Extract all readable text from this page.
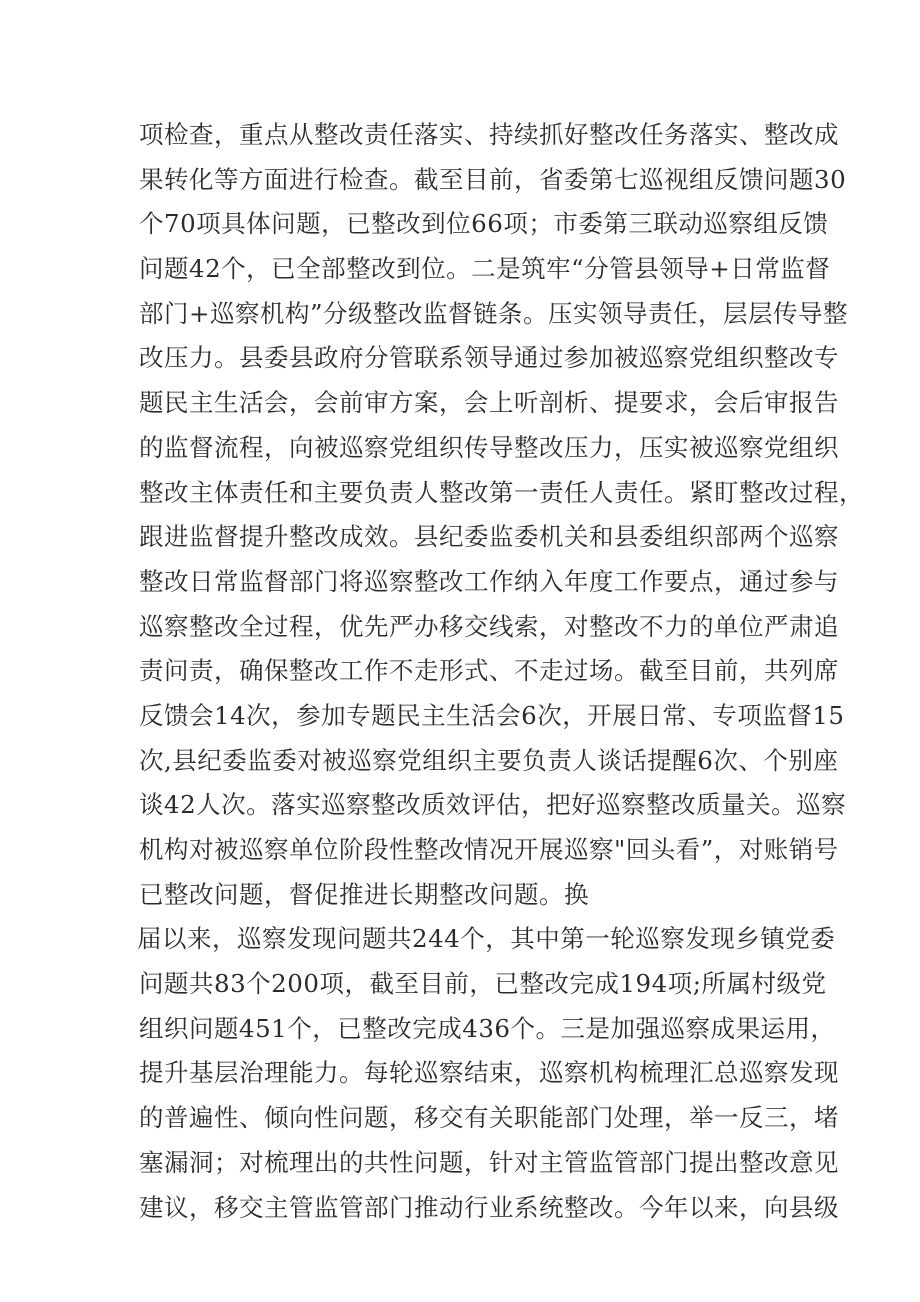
项检查，重点从整改责任落实、持续抓好整改任务落实、整改成
果转化等方面进行检查。截至目前，省委第七巡视组反馈问题30
个70项具体问题，已整改到位66项；市委第三联动巡察组反馈
问题42个，已全部整改到位。二是筑牢“分管县领导+日常监督
部门+巡察机构”分级整改监督链条。压实领导责任，层层传导整
改压力。县委县政府分管联系领导通过参加被巡察党组织整改专
题民主生活会，会前审方案，会上听剖析、提要求，会后审报告
的监督流程，向被巡察党组织传导整改压力，压实被巡察党组织
整改主体责任和主要负责人整改第一责任人责任。紧盯整改过程，
跟进监督提升整改成效。县纪委监委机关和县委组织部两个巡察
整改日常监督部门将巡察整改工作纳入年度工作要点，通过参与
巡察整改全过程，优先严办移交线索，对整改不力的单位严肃追
责问责，确保整改工作不走形式、不走过场。截至目前，共列席
反馈会14次，参加专题民主生活会6次，开展日常、专项监督15
次,县纪委监委对被巡察党组织主要负责人谈话提醒6次、个别座
谈42人次。落实巡察整改质效评估，把好巡察整改质量关。巡察
机构对被巡察单位阶段性整改情况开展巡察"回头看”，对账销号
已整改问题，督促推进长期整改问题。换
届以来，巡察发现问题共244个，其中第一轮巡察发现乡镇党委
问题共83个200项，截至目前，已整改完成194项;所属村级党
组织问题451个，已整改完成436个。三是加强巡察成果运用，
提升基层治理能力。每轮巡察结束，巡察机构梳理汇总巡察发现
的普遍性、倾向性问题，移交有关职能部门处理，举一反三，堵
塞漏洞；对梳理出的共性问题，针对主管监管部门提出整改意见
建议，移交主管监管部门推动行业系统整改。今年以来，向县级
